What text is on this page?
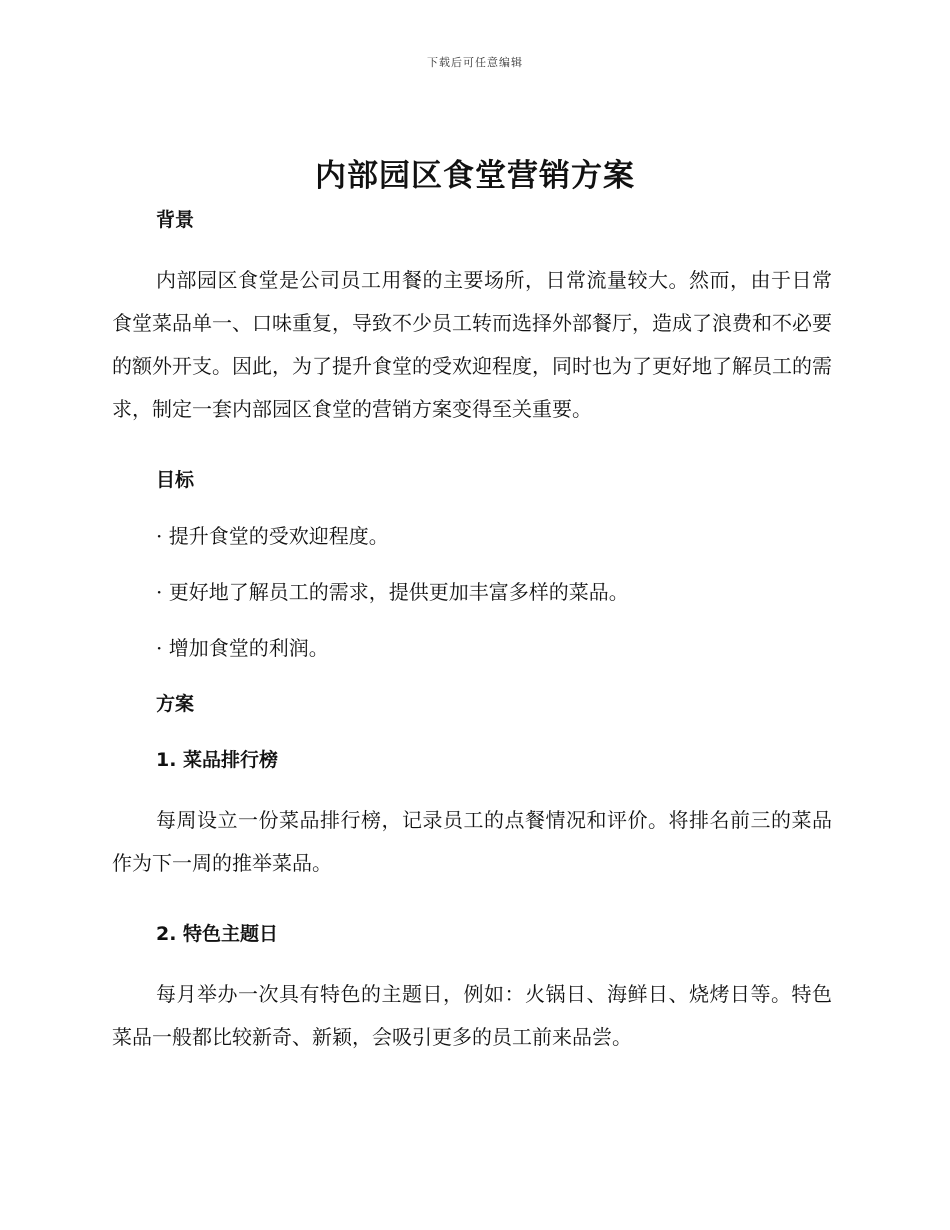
下载后可任意编辑
内部园区食堂营销方案

背景

内部园区食堂是公司员工用餐的主要场所，日常流量较大。然而，由于日常食堂菜品单一、口味重复，导致不少员工转而选择外部餐厅，造成了浪费和不必要的额外开支。因此，为了提升食堂的受欢迎程度，同时也为了更好地了解员工的需求，制定一套内部园区食堂的营销方案变得至关重要。

目标

· 提升食堂的受欢迎程度。

· 更好地了解员工的需求，提供更加丰富多样的菜品。

· 增加食堂的利润。

方案

1. 菜品排行榜

每周设立一份菜品排行榜，记录员工的点餐情况和评价。将排名前三的菜品作为下一周的推举菜品。

2. 特色主题日

每月举办一次具有特色的主题日，例如：火锅日、海鲜日、烧烤日等。特色菜品一般都比较新奇、新颖，会吸引更多的员工前来品尝。
